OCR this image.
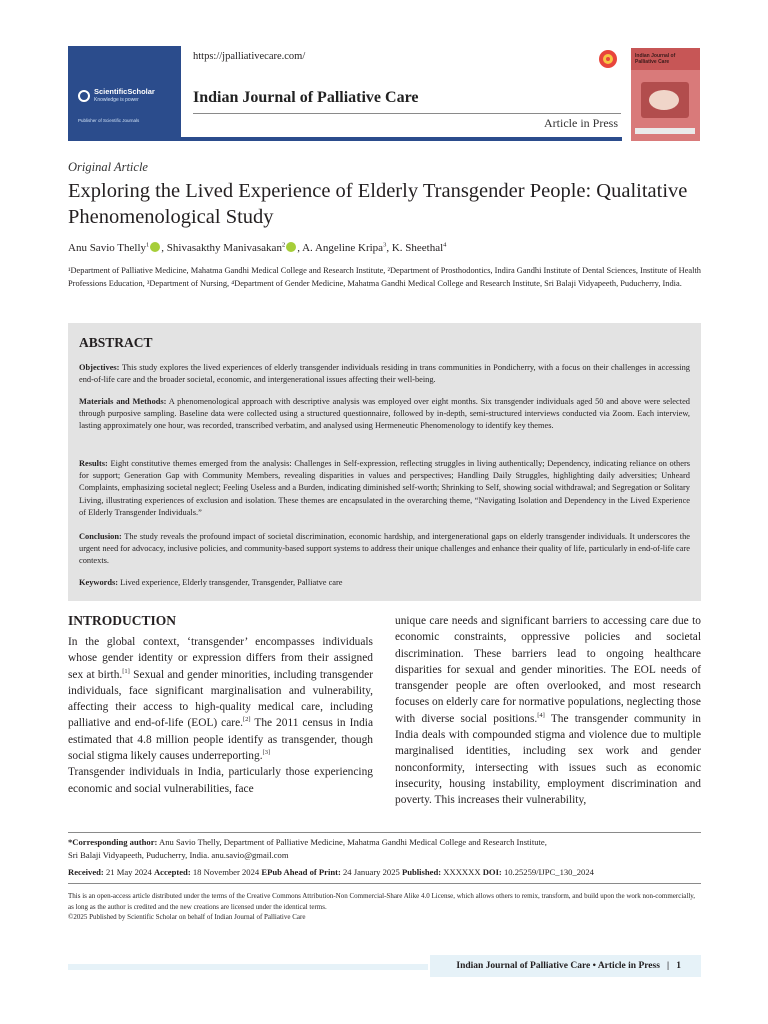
ScientificScholar
Knowledge is power
Publisher of Scientific Journals
https://jpalliativecare.com/
Indian Journal of Palliative Care
Article in Press
Indian Journal of Palliative Care
Original Article
Exploring the Lived Experience of Elderly Transgender People: Qualitative Phenomenological Study
Anu Savio Thelly$^1$ , Shivasakthy Manivasakan$^2$ , A. Angeline Kripa$^3$, K. Sheethal$^4$
¹Department of Palliative Medicine, Mahatma Gandhi Medical College and Research Institute, ²Department of Prosthodontics, Indira Gandhi Institute of Dental Sciences, Institute of Health Professions Education, ³Department of Nursing, ⁴Department of Gender Medicine, Mahatma Gandhi Medical College and Research Institute, Sri Balaji Vidyapeeth, Puducherry, India.
ABSTRACT
Objectives: This study explores the lived experiences of elderly transgender individuals residing in trans communities in Pondicherry, with a focus on their challenges in accessing end-of-life care and the broader societal, economic, and intergenerational issues affecting their well-being.
Materials and Methods: A phenomenological approach with descriptive analysis was employed over eight months. Six transgender individuals aged 50 and above were selected through purposive sampling. Baseline data were collected using a structured questionnaire, followed by in-depth, semi-structured interviews conducted via Zoom. Each interview, lasting approximately one hour, was recorded, transcribed verbatim, and analysed using Hermeneutic Phenomenology to identify key themes.
Results: Eight constitutive themes emerged from the analysis: Challenges in Self-expression, reflecting struggles in living authentically; Dependency, indicating reliance on others for support; Generation Gap with Community Members, revealing disparities in values and perspectives; Handling Daily Struggles, highlighting daily adversities; Unheard Complaints, emphasizing societal neglect; Feeling Useless and a Burden, indicating diminished self-worth; Shrinking to Self, showing social withdrawal; and Segregation or Solitary Living, illustrating experiences of exclusion and isolation. These themes are encapsulated in the overarching theme, “Navigating Isolation and Dependency in the Lived Experience of Elderly Transgender Individuals.”
Conclusion: The study reveals the profound impact of societal discrimination, economic hardship, and intergenerational gaps on elderly transgender individuals. It underscores the urgent need for advocacy, inclusive policies, and community-based support systems to address their unique challenges and enhance their quality of life, particularly in end-of-life care contexts.
Keywords: Lived experience, Elderly transgender, Transgender, Palliatve care
INTRODUCTION
In the global context, ‘transgender’ encompasses individuals whose gender identity or expression differs from their assigned sex at birth.[1] Sexual and gender minorities, including transgender individuals, face significant marginalisation and vulnerability, affecting their access to high-quality medical care, including palliative and end-of-life (EOL) care.[2] The 2011 census in India estimated that 4.8 million people identify as transgender, though social stigma likely causes underreporting.[3]
Transgender individuals in India, particularly those experiencing economic and social vulnerabilities, face
unique care needs and significant barriers to accessing care due to economic constraints, oppressive policies and societal discrimination. These barriers lead to ongoing healthcare disparities for sexual and gender minorities. The EOL needs of transgender people are often overlooked, and most research focuses on elderly care for normative populations, neglecting those with diverse social positions.[4] The transgender community in India deals with compounded stigma and violence due to multiple marginalised identities, including sex work and gender nonconformity, intersecting with issues such as economic insecurity, housing instability, employment discrimination and poverty. This increases their vulnerability,
*Corresponding author: Anu Savio Thelly, Department of Palliative Medicine, Mahatma Gandhi Medical College and Research Institute,
Sri Balaji Vidyapeeth, Puducherry, India. anu.savio@gmail.com
Received: 21 May 2024 Accepted: 18 November 2024 EPub Ahead of Print: 24 January 2025 Published: XXXXXX DOI: 10.25259/IJPC_130_2024
This is an open-access article distributed under the terms of the Creative Commons Attribution-Non Commercial-Share Alike 4.0 License, which allows others to remix, transform, and build upon the work non-commercially, as long as the author is credited and the new creations are licensed under the identical terms.
©2025 Published by Scientific Scholar on behalf of Indian Journal of Palliative Care
Indian Journal of Palliative Care • Article in Press | 1
